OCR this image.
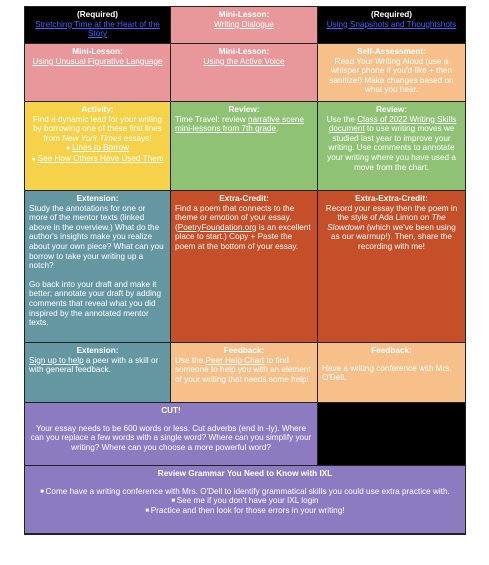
(Required)
Stretching Time at the Heart of the Story
Mini-Lesson:
Writing Dialogue
(Required)
Using Snapshots and Thoughtshots
Mini-Lesson:
Using Unusual Figurative Language
Mini-Lesson:
Using the Active Voice
Self-Assessment:
Read Your Writing Aloud (use a whisper phone if you'd like + then sanitize!) Make changes based on what you hear.
Activity:
Find a dynamic lead for your writing by borrowing one of these first lines from New York Times essays!
● Lines to Borrow
● See How Others Have Used Them
Review:
Time Travel: review narrative scene mini-lessons from 7th grade.
Review:
Use the Class of 2022 Writing Skills document to use writing moves we studied last year to improve your writing. Use comments to annotate your writing where you have used a move from the chart.
Extension:

Study the annotations for one or more of the mentor texts (linked above in the overview.) What do the author's insights make you realize about your own piece? What can you borrow to take your writing up a notch?

Go back into your draft and make it better; annotate your draft by adding comments that reveal what you did inspired by the annotated mentor texts.

Extra-Credit:
Find a poem that connects to the theme or emotion of your essay. (PoetryFoundation.org is an excellent place to start.) Copy + Paste the poem at the bottom of your essay.
Extra-Extra-Credit:
Record your essay then the poem in the style of Ada Limon on The Slowdown (which we've been using as our warmup!). Then, share the recording with me!
Extension:
Sign up to help a peer with a skill or with general feedback.
Feedback:
Use the Peer Help Chart to find someone to help you with an element of your writing that needs some help!
Feedback:
Have a writing conference with Mrs. O'Dell.
CUT!
Your essay needs to be 600 words or less. Cut adverbs (end in -ly). Where can you replace a few words with a single word? Where can you simplify your writing? Where can you choose a more powerful word?
Review Grammar You Need to Know with IXL
■ Come have a writing conference with Mrs. O'Dell to identify grammatical skills you could use extra practice with.
■ See me if you don't have your IXL login
■ Practice and then look for those errors in your writing!
